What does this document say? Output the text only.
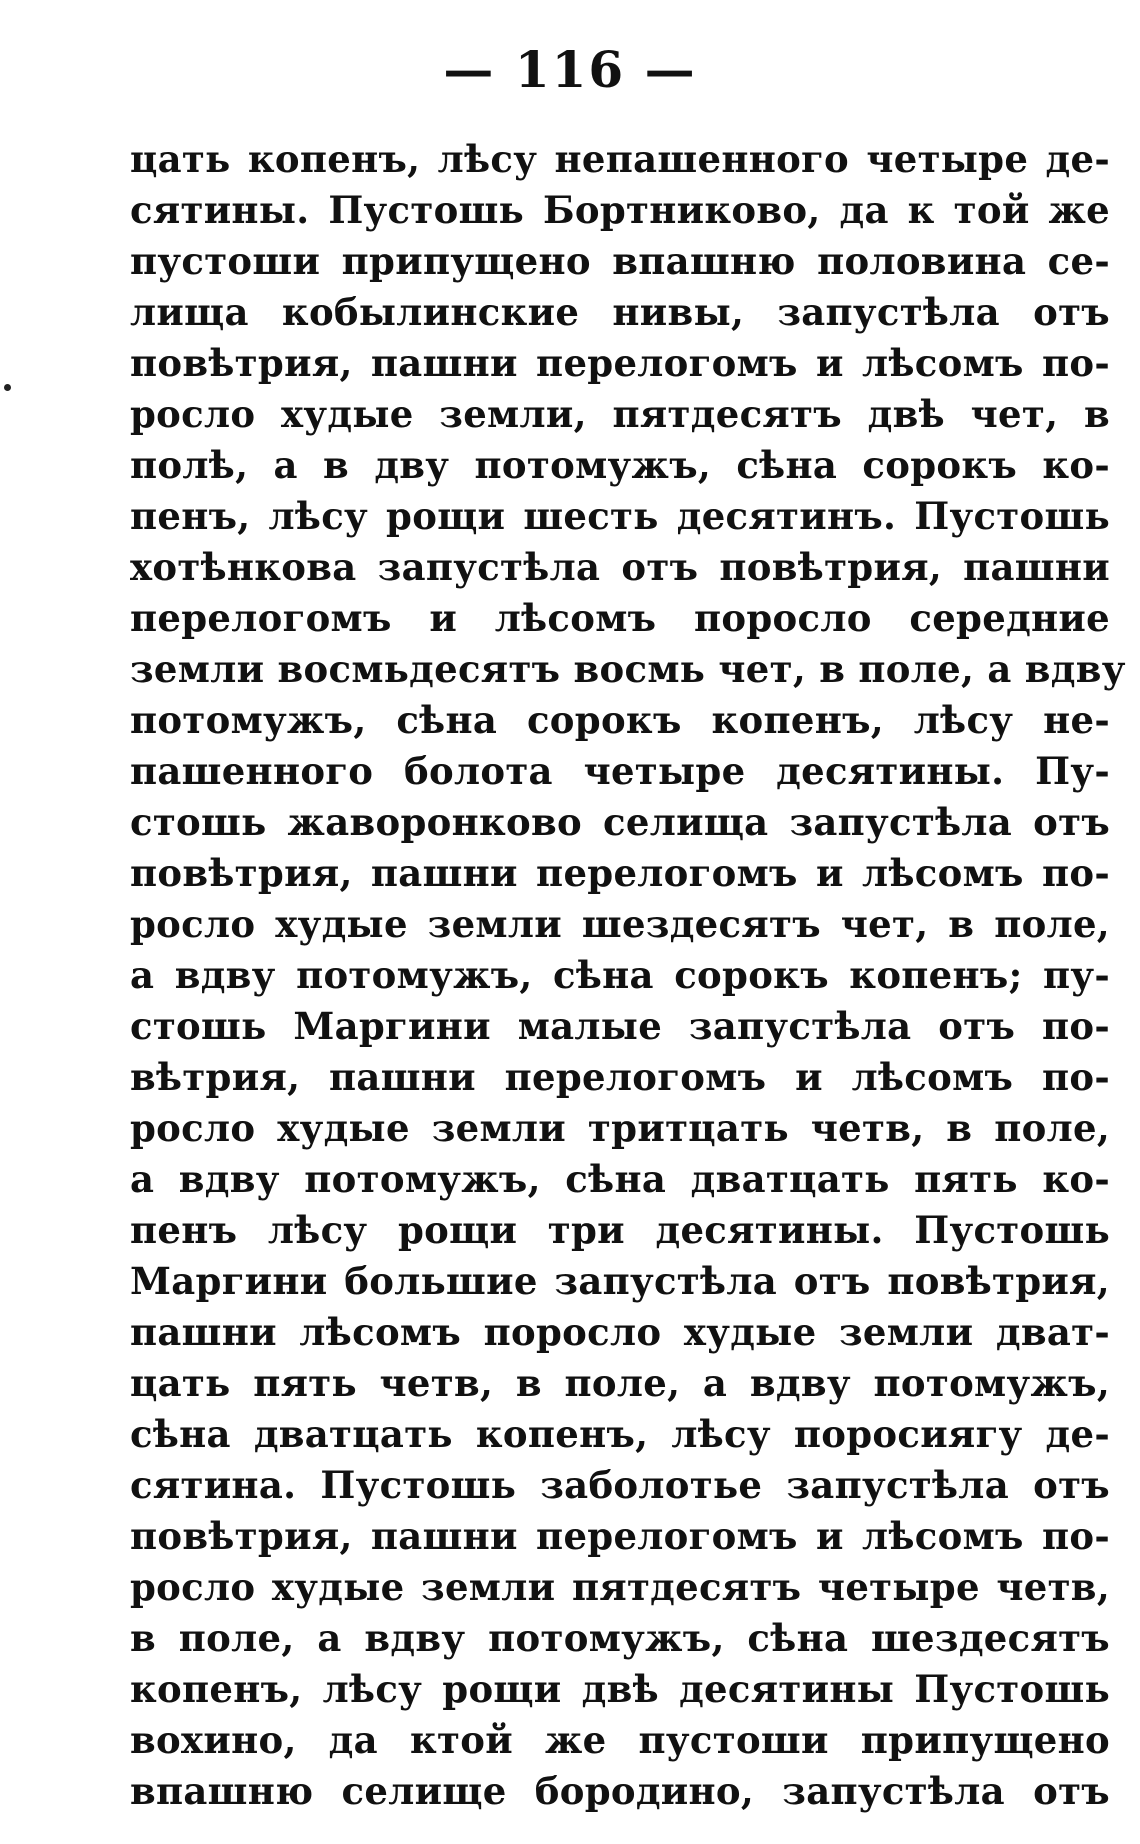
— 116 —
цать копенъ, лѣсу непашенного четыре де-
сятины. Пустошь Бортниково, да к той же
пустоши припущено впашню половина се-
лища кобылинские нивы, запустѣла отъ
повѣтрия, пашни перелогомъ и лѣсомъ по-
росло худые земли, пятдесятъ двѣ чет, в
полѣ, а в дву потомужъ, сѣна сорокъ ко-
пенъ, лѣсу рощи шесть десятинъ. Пустошь
хотѣнкова запустѣла отъ повѣтрия, пашни
перелогомъ и лѣсомъ поросло середние
земли восмьдесятъ восмь чет, в поле, а вдву
потомужъ, сѣна сорокъ копенъ, лѣсу не-
пашенного болота четыре десятины. Пу-
стошь жаворонково селища запустѣла отъ
повѣтрия, пашни перелогомъ и лѣсомъ по-
росло худые земли шездесятъ чет, в поле,
а вдву потомужъ, сѣна сорокъ копенъ; пу-
стошь Маргини малые запустѣла отъ по-
вѣтрия, пашни перелогомъ и лѣсомъ по-
росло худые земли тритцать четв, в поле,
а вдву потомужъ, сѣна дватцать пять ко-
пенъ лѣсу рощи три десятины. Пустошь
Маргини большие запустѣла отъ повѣтрия,
пашни лѣсомъ поросло худые земли дват-
цать пять четв, в поле, а вдву потомужъ,
сѣна дватцать копенъ, лѣсу поросиягу де-
сятина. Пустошь заболотье запустѣла отъ
повѣтрия, пашни перелогомъ и лѣсомъ по-
росло худые земли пятдесятъ четыре четв,
в поле, а вдву потомужъ, сѣна шездесятъ
копенъ, лѣсу рощи двѣ десятины Пустошь
вохино, да ктой же пустоши припущено
впашню селище бородино, запустѣла отъ
